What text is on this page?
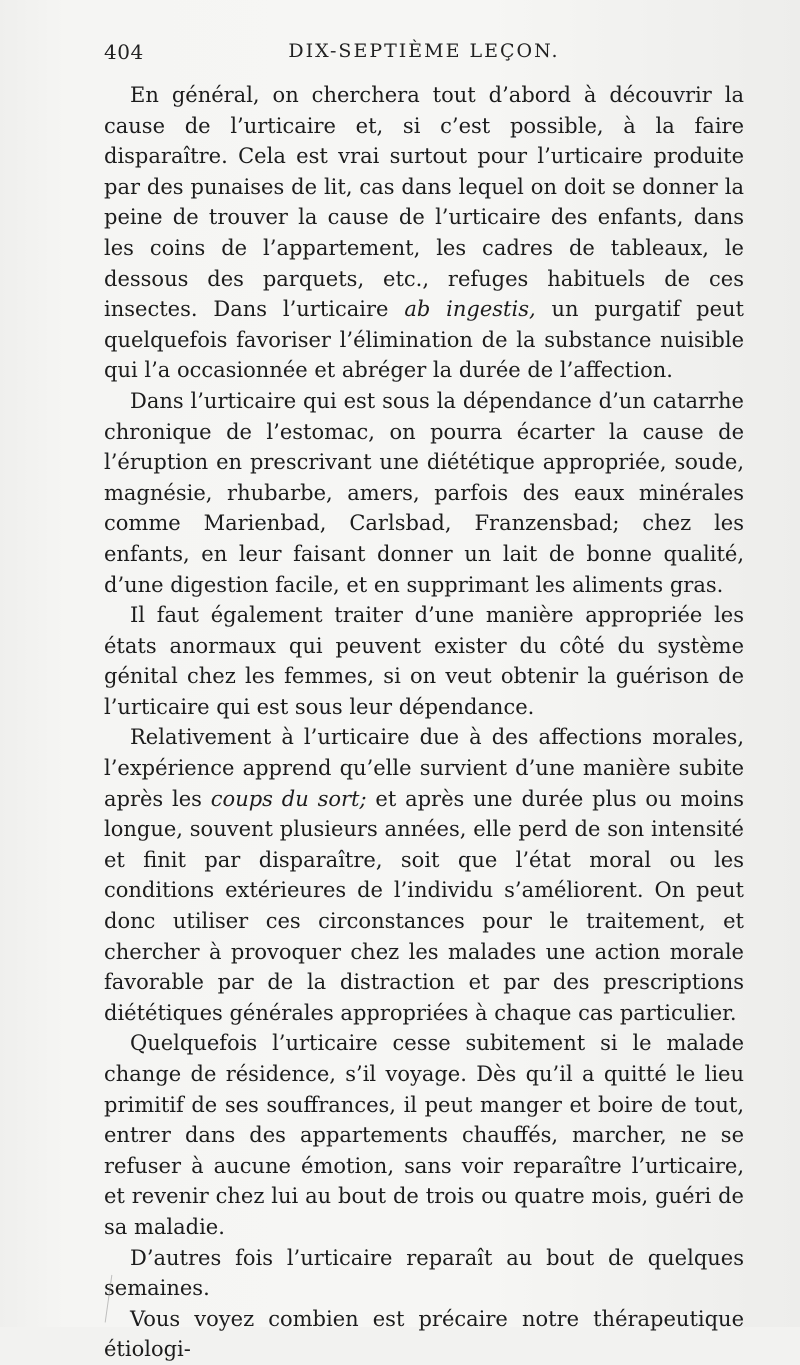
404	DIX-SEPTIÈME LEÇON.

En général, on cherchera tout d’abord à découvrir la cause de l’urticaire et, si c’est possible, à la faire disparaître. Cela est vrai surtout pour l’urticaire produite par des punaises de lit, cas dans lequel on doit se donner la peine de trouver la cause de l’urticaire des enfants, dans les coins de l’appartement, les cadres de tableaux, le dessous des parquets, etc., refuges habituels de ces insectes. Dans l’urticaire ab ingestis, un purgatif peut quelquefois favoriser l’élimination de la substance nuisible qui l’a occasionnée et abréger la durée de l’affection.

Dans l’urticaire qui est sous la dépendance d’un catarrhe chronique de l’estomac, on pourra écarter la cause de l’éruption en prescrivant une diététique appropriée, soude, magnésie, rhubarbe, amers, parfois des eaux minérales comme Marienbad, Carlsbad, Franzensbad; chez les enfants, en leur faisant donner un lait de bonne qualité, d’une digestion facile, et en supprimant les aliments gras.

Il faut également traiter d’une manière appropriée les états anormaux qui peuvent exister du côté du système génital chez les femmes, si on veut obtenir la guérison de l’urticaire qui est sous leur dépendance.

Relativement à l’urticaire due à des affections morales, l’expérience apprend qu’elle survient d’une manière subite après les coups du sort; et après une durée plus ou moins longue, souvent plusieurs années, elle perd de son intensité et finit par disparaître, soit que l’état moral ou les conditions extérieures de l’individu s’améliorent. On peut donc utiliser ces circonstances pour le traitement, et chercher à provoquer chez les malades une action morale favorable par de la distraction et par des prescriptions diététiques générales appropriées à chaque cas particulier.

Quelquefois l’urticaire cesse subitement si le malade change de résidence, s’il voyage. Dès qu’il a quitté le lieu primitif de ses souffrances, il peut manger et boire de tout, entrer dans des appartements chauffés, marcher, ne se refuser à aucune émotion, sans voir reparaître l’urticaire, et revenir chez lui au bout de trois ou quatre mois, guéri de sa maladie.

D’autres fois l’urticaire reparaît au bout de quelques semaines.

Vous voyez combien est précaire notre thérapeutique étiologi-
